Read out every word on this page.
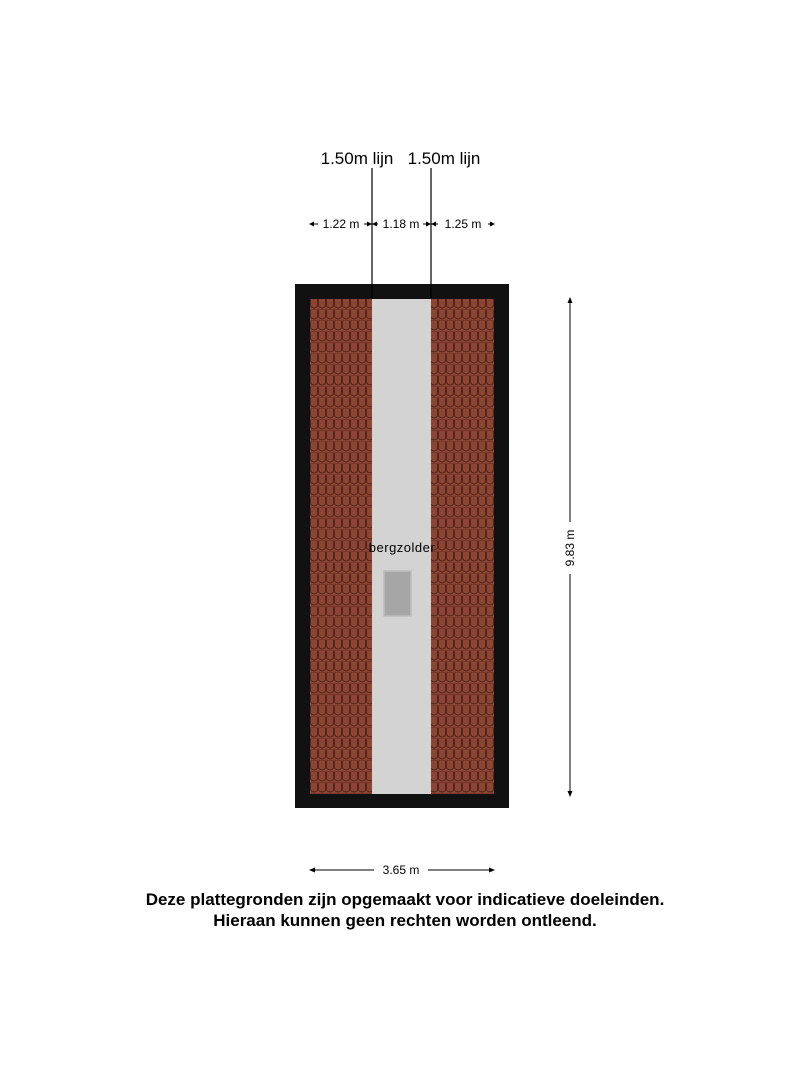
1.50m lijn 1.50m lijn
1.22 m 1.18 m 1.25 m
9.83 m
3.65 m
bergzolder
Deze plattegronden zijn opgemaakt voor indicatieve doeleinden.
Hieraan kunnen geen rechten worden ontleend.
